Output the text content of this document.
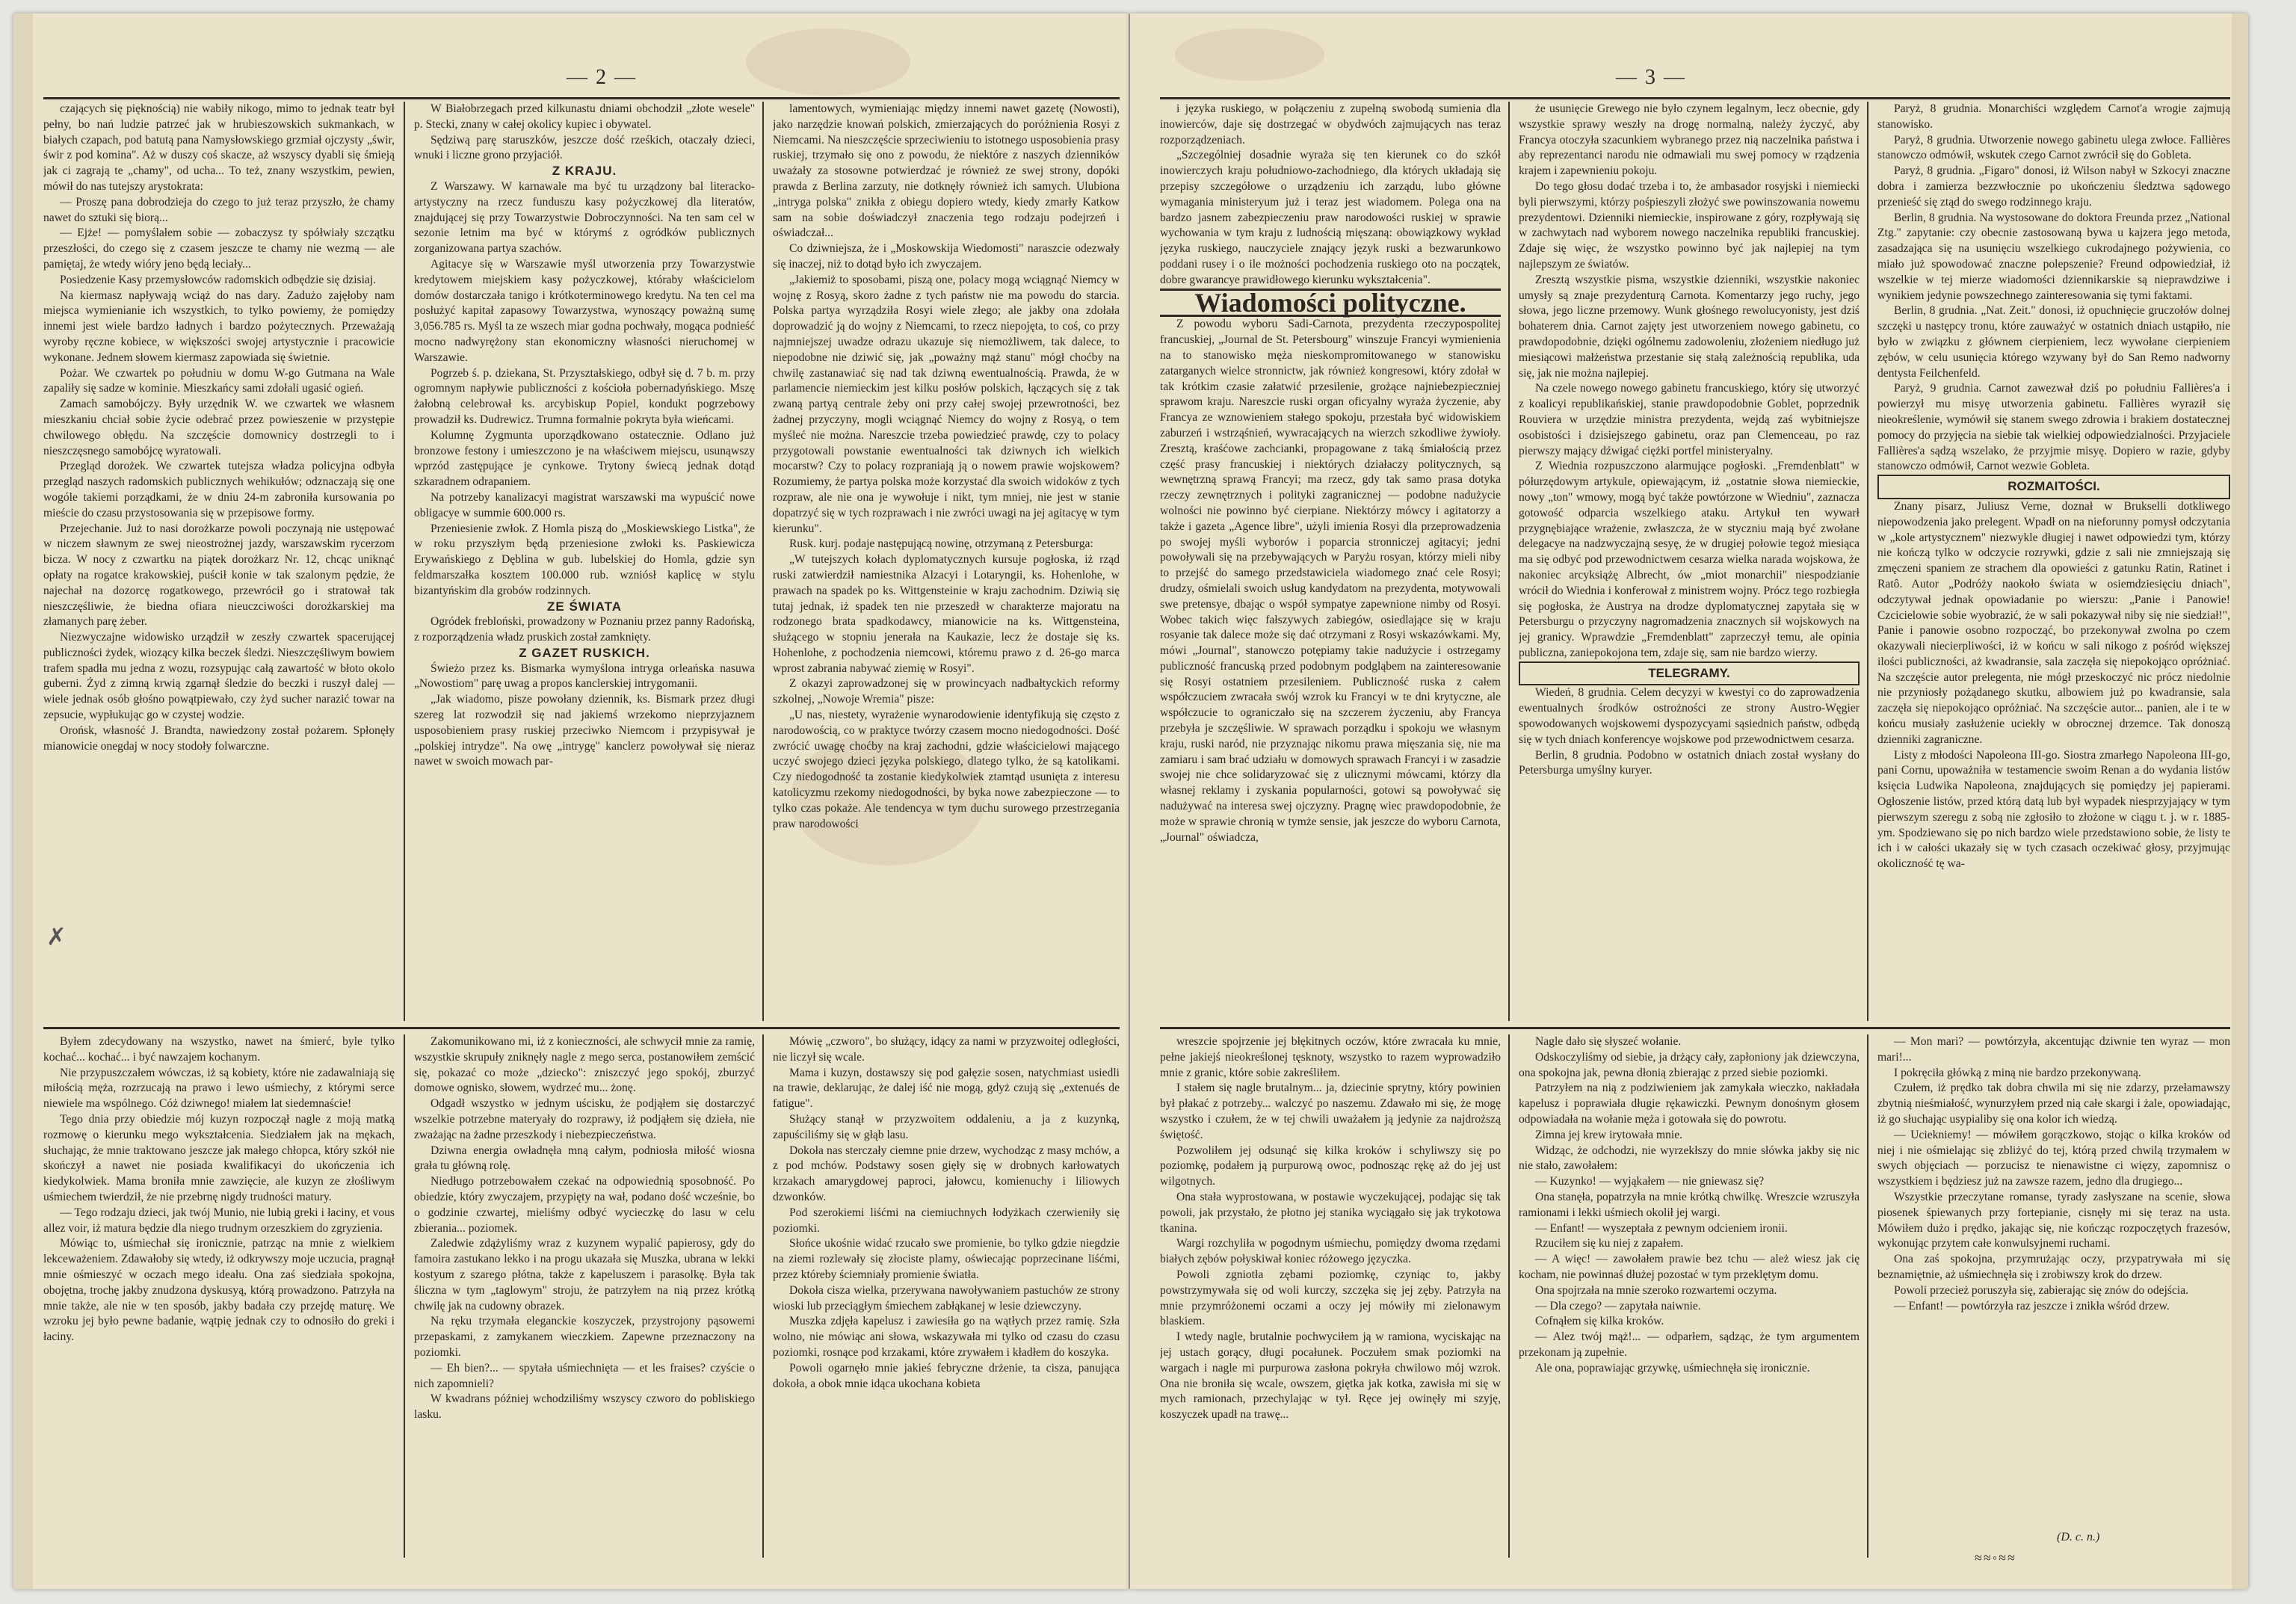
— 2 —

czających się pięknością) nie wabiły nikogo, mimo to jednak teatr był pełny, bo nań ludzie patrzeć jak w hrubieszowskich sukmankach, w białych czapach, pod batutą pana Namysłowskiego grzmiał ojczysty „świr, świr z pod komina". Aż w duszy coś skacze, aż wszyscy dyabli się śmieją jak ci zagrają te „chamy", od ucha... To też, znany wszystkim, pewien, mówił do nas tutejszy arystokrata:

— Proszę pana dobrodzieja do czego to już teraz przyszło, że chamy nawet do sztuki się biorą...

— Ejże! — pomyślałem sobie — zobaczysz ty spółwiały szczątku przeszłości, do czego się z czasem jeszcze te chamy nie wezmą — ale pamiętaj, że wtedy wióry jeno będą leciały...

Posiedzenie Kasy przemysłowców radomskich odbędzie się dzisiaj.

Na kiermasz napływają wciąż do nas dary. Zadużo zajęłoby nam miejsca wymienianie ich wszystkich, to tylko powiemy, że pomiędzy innemi jest wiele bardzo ładnych i bardzo pożytecznych. Przeważają wyroby ręczne kobiece, w większości swojej artystycznie i pracowicie wykonane. Jednem słowem kiermasz zapowiada się świetnie.

Pożar. We czwartek po południu w domu W-go Gutmana na Wale zapaliły się sadze w kominie. Mieszkańcy sami zdołali ugasić ogień.

Zamach samobójczy. Były urzędnik W. we czwartek we własnem mieszkaniu chciał sobie życie odebrać przez powieszenie w przystępie chwilowego obłędu. Na szczęście domownicy dostrzegli to i nieszczęsnego samobójcę wyratowali.

Przegląd dorożek. We czwartek tutejsza władza policyjna odbyła przegląd naszych radomskich publicznych wehikułów; odznaczają się one wogóle takiemi porządkami, że w dniu 24-m zabroniła kursowania po mieście do czasu przystosowania się w przepisowe formy.

Przejechanie. Już to nasi dorożkarze powoli poczynają nie ustępować w niczem sławnym ze swej nieostrożnej jazdy, warszawskim rycerzom bicza. W nocy z czwartku na piątek dorożkarz Nr. 12, chcąc uniknąć opłaty na rogatce krakowskiej, puścił konie w tak szalonym pędzie, że najechał na dozorcę rogatkowego, przewrócił go i stratował tak nieszczęśliwie, że biedna ofiara nieuczciwości dorożkarskiej ma złamanych parę żeber.

Niezwyczajne widowisko urządził w zeszły czwartek spacerującej publiczności żydek, wiozący kilka beczek śledzi. Nieszczęśliwym bowiem trafem spadła mu jedna z wozu, rozsypując całą zawartość w błoto okolo guberni. Żyd z zimną krwią zgarnął śledzie do beczki i ruszył dalej — wiele jednak osób głośno powątpiewało, czy żyd sucher narazić towar na zepsucie, wypłukując go w czystej wodzie.

Orońsk, własność J. Brandta, nawiedzony został pożarem. Spłonęły mianowicie onegdaj w nocy stodoły folwarczne.

W Białobrzegach przed kilkunastu dniami obchodził „złote wesele" p. Stecki, znany w całej okolicy kupiec i obywatel.

Sędziwą parę staruszków, jeszcze dość rześkich, otaczały dzieci, wnuki i liczne grono przyjaciół.

Z KRAJU.

Z Warszawy. W karnawale ma być tu urządzony bal literacko-artystyczny na rzecz funduszu kasy pożyczkowej dla literatów, znajdującej się przy Towarzystwie Dobroczynności. Na ten sam cel w sezonie letnim ma być w którymś z ogródków publicznych zorganizowana partya szachów.

Agitacye się w Warszawie myśl utworzenia przy Towarzystwie kredytowem miejskiem kasy pożyczkowej, któraby właścicielom domów dostarczała tanigo i krótkoterminowego kredytu. Na ten cel ma posłużyć kapitał zapasowy Towarzystwa, wynoszący poważną sumę 3,056.785 rs. Myśl ta ze wszech miar godna pochwały, mogąca podnieść mocno nadwyrężony stan ekonomiczny własności nieruchomej w Warszawie.

Pogrzeb ś. p. dziekana, St. Przyształskiego, odbył się d. 7 b. m. przy ogromnym napływie publiczności z kościoła pobernadyńskiego. Mszę żałobną celebrował ks. arcybiskup Popiel, kondukt pogrzebowy prowadził ks. Dudrewicz. Trumna formalnie pokryta była wieńcami.

Kolumnę Zygmunta uporządkowano ostatecznie. Odlano już bronzowe festony i umieszczono je na właściwem miejscu, usunąwszy wprzód zastępujące je cynkowe. Trytony świecą jednak dotąd szkaradnem odrapaniem.

Na potrzeby kanalizacyi magistrat warszawski ma wypuścić nowe obligacye w summie 600.000 rs.

Przeniesienie zwłok. Z Homla piszą do „Moskiewskiego Listka", że w roku przyszłym będą przeniesione zwłoki ks. Paskiewicza Erywańskiego z Dęblina w gub. lubelskiej do Homla, gdzie syn feldmarszałka kosztem 100.000 rub. wzniósł kaplicę w stylu bizantyńskim dla grobów rodzinnych.

ZE ŚWIATA

Ogródek frebloński, prowadzony w Poznaniu przez panny Radońską, z rozporządzenia władz pruskich został zamknięty.

Z GAZET RUSKICH.

Świeżo przez ks. Bismarka wymyślona intryga orleańska nasuwa „Nowostiom" parę uwag a propos kanclerskiej intrygomanii.

„Jak wiadomo, pisze powołany dziennik, ks. Bismark przez długi szereg lat rozwodził się nad jakiemś wrzekomo nieprzyjaznem usposobieniem prasy ruskiej przeciwko Niemcom i przypisywał je „polskiej intrydze". Na owę „intrygę" kanclerz powoływał się nieraz nawet w swoich mowach par-

lamentowych, wymieniając między innemi nawet gazetę (Nowosti), jako narzędzie knowań polskich, zmierzających do poróżnienia Rosyi z Niemcami. Na nieszczęście sprzeciwieniu to istotnego usposobienia prasy ruskiej, trzymało się ono z powodu, że niektóre z naszych dzienników uważały za stosowne potwierdzać je również ze swej strony, dopóki prawda z Berlina zarzuty, nie dotknęły również ich samych. Ulubiona „intryga polska" znikła z obiegu dopiero wtedy, kiedy zmarły Katkow sam na sobie doświadczył znaczenia tego rodzaju podejrzeń i oświadczał...

Co dziwniejsza, że i „Moskowskija Wiedomosti" naraszcie odezwały się inaczej, niż to dotąd było ich zwyczajem.

„Jakiemiż to sposobami, piszą one, polacy mogą wciągnąć Niemcy w wojnę z Rosyą, skoro żadne z tych państw nie ma powodu do starcia. Polska partya wyrządziła Rosyi wiele złego; ale jakby ona zdołała doprowadzić ją do wojny z Niemcami, to rzecz niepojęta, to coś, co przy najmniejszej uwadze odrazu ukazuje się niemożliwem, tak dalece, to niepodobne nie dziwić się, jak „poważny mąż stanu" mógł choćby na chwilę zastanawiać się nad tak dziwną ewentualnością. Prawda, że w parlamencie niemieckim jest kilku posłów polskich, łączących się z tak zwaną partyą centrale żeby oni przy całej swojej przewrotności, bez żadnej przyczyny, mogli wciągnąć Niemcy do wojny z Rosyą, o tem myśleć nie można. Nareszcie trzeba powiedzieć prawdę, czy to polacy przygotowali powstanie ewentualności tak dziwnych ich wielkich mocarstw? Czy to polacy rozpraniają ją o nowem prawie wojskowem? Rozumiemy, że partya polska może korzystać dla swoich widoków z tych rozpraw, ale nie ona je wywołuje i nikt, tym mniej, nie jest w stanie dopatrzyć się w tych rozprawach i nie zwróci uwagi na jej agitacyę w tym kierunku".

Rusk. kurj. podaje następującą nowinę, otrzymaną z Petersburga:

„W tutejszych kołach dyplomatycznych kursuje pogłoska, iż rząd ruski zatwierdził namiestnika Alzacyi i Lotaryngii, ks. Hohenlohe, w prawach na spadek po ks. Wittgensteinie w kraju zachodnim. Dziwią się tutaj jednak, iż spadek ten nie przeszedł w charakterze majoratu na rodzonego brata spadkodawcy, mianowicie na ks. Wittgensteina, służącego w stopniu jenerała na Kaukazie, lecz że dostaje się ks. Hohenlohe, z pochodzenia niemcowi, któremu prawo z d. 26-go marca wprost zabrania nabywać ziemię w Rosyi".

Z okazyi zaprowadzonej się w prowincyach nadbałtyckich reformy szkolnej, „Nowoje Wremia" pisze:

„U nas, niestety, wyrażenie wynarodowienie identyfikują się często z narodowością, co w praktyce twórzy czasem mocno niedogodności. Dość zwrócić uwagę choćby na kraj zachodni, gdzie właścicielowi mającego uczyć swojego dzieci języka polskiego, dlatego tylko, że są katolikami. Czy niedogodność ta zostanie kiedykolwiek ztamtąd usunięta z interesu katolicyzmu rzekomy niedogodności, by byka nowe zabezpieczone — to tylko czas pokaże. Ale tendencya w tym duchu surowego przestrzegania praw narodowości

Byłem zdecydowany na wszystko, nawet na śmierć, byle tylko kochać... kochać... i być nawzajem kochanym.

Nie przypuszczałem wówczas, iż są kobiety, które nie zadawalniają się miłością męża, rozrzucają na prawo i lewo uśmiechy, z którymi serce niewiele ma wspólnego. Cóż dziwnego! miałem lat siedemnaście!

Tego dnia przy obiedzie mój kuzyn rozpoczął nagle z moją matką rozmowę o kierunku mego wykształcenia. Siedziałem jak na mękach, słuchając, że mnie traktowano jeszcze jak małego chłopca, który szkół nie skończył a nawet nie posiada kwalifikacyi do ukończenia ich kiedykolwiek. Mama broniła mnie zawzięcie, ale kuzyn ze złośliwym uśmiechem twierdził, że nie przebrnę nigdy trudności matury.

— Tego rodzaju dzieci, jak twój Munio, nie lubią greki i łaciny, et vous allez voir, iż matura będzie dla niego trudnym orzeszkiem do zgryzienia.

Mówiąc to, uśmiechał się ironicznie, patrząc na mnie z wielkiem lekceważeniem. Zdawałoby się wtedy, iż odkrywszy moje uczucia, pragnął mnie ośmieszyć w oczach mego ideału. Ona zaś siedziała spokojna, obojętna, trochę jakby znudzona dyskusyą, którą prowadzono. Patrzyła na mnie także, ale nie w ten sposób, jakby badała czy przejdę maturę. We wzroku jej było pewne badanie, wątpię jednak czy to odnosiło do greki i łaciny.

Zakomunikowano mi, iż z konieczności, ale schwycił mnie za ramię, wszystkie skrupuły zniknęły nagle z mego serca, postanowiłem zemścić się, pokazać co może „dziecko": zniszczyć jego spokój, zburzyć domowe ognisko, słowem, wydrzeć mu... żonę.

Odgadł wszystko w jednym uścisku, że podjąłem się dostarczyć wszelkie potrzebne materyały do rozprawy, iż podjąłem się dzieła, nie zważając na żadne przeszkody i niebezpieczeństwa.

Dziwna energia owładnęła mną całym, podniosła miłość wiosna grała tu główną rolę.

Niedługo potrzebowałem czekać na odpowiednią sposobność. Po obiedzie, który zwyczajem, przypięty na wał, podano dość wcześnie, bo o godzinie czwartej, mieliśmy odbyć wycieczkę do lasu w celu zbierania... poziomek.

Zaledwie zdążyliśmy wraz z kuzynem wypalić papierosy, gdy do famoira zastukano lekko i na progu ukazała się Muszka, ubrana w lekki kostyum z szarego płótna, także z kapeluszem i parasolkę. Była tak śliczna w tym „taglowym" stroju, że patrzyłem na nią przez krótką chwilę jak na cudowny obrazek.

Na ręku trzymała eleganckie koszyczek, przystrojony pąsowemi przepaskami, z zamykanem wieczkiem. Zapewne przeznaczony na poziomki.

— Eh bien?... — spytała uśmiechnięta — et les fraises? czyście o nich zapomnieli?

W kwadrans później wchodziliśmy wszyscy czworo do pobliskiego lasku.

Mówię „czworo", bo służący, idący za nami w przyzwoitej odległości, nie liczył się wcale.

Mama i kuzyn, dostawszy się pod gałęzie sosen, natychmiast usiedli na trawie, deklarując, że dalej iść nie mogą, gdyż czują się „extenués de fatigue".

Służący stanął w przyzwoitem oddaleniu, a ja z kuzynką, zapuściliśmy się w głąb lasu.

Dokoła nas sterczały ciemne pnie drzew, wychodząc z masy mchów, a z pod mchów. Podstawy sosen gięły się w drobnych karłowatych krzakach amarygdowej paproci, jałowcu, komienuchy i liliowych dzwonków.

Pod szerokiemi liśćmi na ciemiuchnych łodyżkach czerwieniły się poziomki.

Słońce ukośnie widać rzucało swe promienie, bo tylko gdzie niegdzie na ziemi rozlewały się złociste plamy, oświecając poprzecinane liśćmi, przez któreby ściemniały promienie światła.

Dokoła cisza wielka, przerywana nawoływaniem pastuchów ze strony wioski lub przeciągłym śmiechem zabłąkanej w lesie dziewczyny.

Muszka zdjęła kapelusz i zawiesiła go na wątłych przez ramię. Szła wolno, nie mówiąc ani słowa, wskazywała mi tylko od czasu do czasu poziomki, rosnące pod krzakami, które zrywałem i kładłem do koszyka.

Powoli ogarnęło mnie jakieś febryczne drżenie, ta cisza, panująca dokoła, a obok mnie idąca ukochana kobieta

✗
— 3 —

i języka ruskiego, w połączeniu z zupełną swobodą sumienia dla inowierców, daje się dostrzegać w obydwóch zajmujących nas teraz rozporządzeniach.

„Szczególniej dosadnie wyraża się ten kierunek co do szkół inowierczych kraju południowo-zachodniego, dla których układają się przepisy szczegółowe o urządzeniu ich zarządu, lubo główne wymagania ministeryum już i teraz jest wiadomem. Polega ona na bardzo jasnem zabezpieczeniu praw narodowości ruskiej w sprawie wychowania w tym kraju z ludnością mięszaną: obowiązkowy wykład języka ruskiego, nauczyciele znający język ruski a bezwarunkowo poddani rusey i o ile możności pochodzenia ruskiego oto na początek, dobre gwarancye prawidłowego kierunku wykształcenia".

Wiadomości polityczne.

Z powodu wyboru Sadi-Carnota, prezydenta rzeczypospolitej francuskiej, „Journal de St. Petersbourg" winszuje Francyi wymienienia na to stanowisko męża nieskompromitowanego w stanowisku zatarganych wielce stronnictw, jak również kongresowi, który zdołał w tak krótkim czasie załatwić przesilenie, grożące najniebezpieczniej sprawom kraju. Nareszcie ruski organ oficyalny wyraża życzenie, aby Francya ze wznowieniem stałego spokoju, przestała być widowiskiem zaburzeń i wstrząśnień, wywracających na wierzch szkodliwe żywioły. Zresztą, kraśćowe zachcianki, propagowane z taką śmiałością przez część prasy francuskiej i niektórych działaczy politycznych, są wewnętrzną sprawą Francyi; ma rzecz, gdy tak samo prasa dotyka rzeczy zewnętrznych i polityki zagranicznej — podobne nadużycie wolności nie powinno być cierpiane. Niektórzy mówcy i agitatorzy a także i gazeta „Agence libre", użyli imienia Rosyi dla przeprowadzenia po swojej myśli wyborów i poparcia stronniczej agitacyi; jedni powoływali się na przebywających w Paryżu rosyan, którzy mieli niby to przejść do samego przedstawiciela wiadomego znać cele Rosyi; drudzy, ośmielali swoich usług kandydatom na prezydenta, motywowali swe pretensye, dbając o współ sympatye zapewnione nimby od Rosyi. Wobec takich więc fałszywych zabiegów, osiedlające się w kraju rosyanie tak dalece może się dać otrzymani z Rosyi wskazówkami. My, mówi „Journal", stanowczo potępiamy takie nadużycie i ostrzegamy publiczność francuską przed podobnym podgląbem na zainteresowanie się Rosyi ostatniem przesileniem. Publiczność ruska z całem współczuciem zwracała swój wzrok ku Francyi w te dni krytyczne, ale współczucie to ograniczało się na szczerem życzeniu, aby Francya przebyła je szczęśliwie. W sprawach porządku i spokoju we własnym kraju, ruski naród, nie przyznając nikomu prawa mięszania się, nie ma zamiaru i sam brać udziału w domowych sprawach Francyi i w zasadzie swojej nie chce solidaryzować się z ulicznymi mówcami, którzy dla własnej reklamy i zyskania popularności, gotowi są powoływać się nadużywać na interesa swej ojczyzny. Pragnę wiec prawdopodobnie, że może w sprawie chronią w tymże sensie, jak jeszcze do wyboru Carnota, „Journal" oświadcza,

że usunięcie Grewego nie było czynem legalnym, lecz obecnie, gdy wszystkie sprawy weszły na drogę normalną, należy życzyć, aby Francya otoczyła szacunkiem wybranego przez nią naczelnika państwa i aby reprezentanci narodu nie odmawiali mu swej pomocy w rządzenia krajem i zapewnieniu pokoju.

Do tego głosu dodać trzeba i to, że ambasador rosyjski i niemiecki byli pierwszymi, którzy pośpieszyli złożyć swe powinszowania nowemu prezydentowi. Dzienniki niemieckie, inspirowane z góry, rozpływają się w zachwytach nad wyborem nowego naczelnika republiki francuskiej. Zdaje się więc, że wszystko powinno być jak najlepiej na tym najlepszym ze światów.

Zresztą wszystkie pisma, wszystkie dzienniki, wszystkie nakoniec umysły są znaje prezydenturą Carnota. Komentarzy jego ruchy, jego słowa, jego liczne przemowy. Wunk głośnego rewolucyonisty, jest dziś bohaterem dnia. Carnot zajęty jest utworzeniem nowego gabinetu, co prawdopodobnie, dzięki ogólnemu zadowoleniu, złożeniem niedługo już miesiącowi małżeństwa przestanie się stałą zależnością republika, uda się, jak nie można najlepiej.

Na czele nowego nowego gabinetu francuskiego, który się utworzyć z koalicyi republikańskiej, stanie prawdopodobnie Goblet, poprzednik Rouviera w urzędzie ministra prezydenta, wejdą zaś wybitniejsze osobistości i dzisiejszego gabinetu, oraz pan Clemenceau, po raz pierwszy mający dźwigać ciężki portfel ministeryalny.

Z Wiednia rozpuszczono alarmujące pogłoski. „Fremdenblatt" w półurzędowym artykule, opiewającym, iż „ostatnie słowa niemieckie, nowy „ton" wmowy, mogą być także powtórzone w Wiedniu", zaznacza gotowość odparcia wszelkiego ataku. Artykuł ten wywarł przygnębiające wrażenie, zwłaszcza, że w styczniu mają być zwołane delegacye na nadzwyczajną sesyę, że w drugiej połowie tegoż miesiąca ma się odbyć pod przewodnictwem cesarza wielka narada wojskowa, że nakoniec arcyksiążę Albrecht, ów „miot monarchii" niespodzianie wrócił do Wiednia i konferował z ministrem wojny. Prócz tego rozbiegła się pogłoska, że Austrya na drodze dyplomatycznej zapytała się w Petersburgu o przyczyny nagromadzenia znacznych sił wojskowych na jej granicy. Wprawdzie „Fremdenblatt" zaprzeczył temu, ale opinia publiczna, zaniepokojona tem, zdaje się, sam nie bardzo wierzy.

TELEGRAMY.

Wiedeń, 8 grudnia. Celem decyzyi w kwestyi co do zaprowadzenia ewentualnych środków ostrożności ze strony Austro-Węgier spowodowanych wojskowemi dyspozycyami sąsiednich państw, odbędą się w tych dniach konferencye wojskowe pod przewodnictwem cesarza.

Berlin, 8 grudnia. Podobno w ostatnich dniach został wysłany do Petersburga umyślny kuryer.

Paryż, 8 grudnia. Monarchiści względem Carnot'a wrogie zajmują stanowisko.

Paryż, 8 grudnia. Utworzenie nowego gabinetu ulega zwłoce. Fallières stanowczo odmówił, wskutek czego Carnot zwrócił się do Gobleta.

Paryż, 8 grudnia. „Figaro" donosi, iż Wilson nabył w Szkocyi znaczne dobra i zamierza bezzwłocznie po ukończeniu śledztwa sądowego przenieść się ztąd do swego rodzinnego kraju.

Berlin, 8 grudnia. Na wystosowane do doktora Freunda przez „National Ztg." zapytanie: czy obecnie zastosowaną bywa u kajzera jego metoda, zasadzająca się na usunięciu wszelkiego cukrodajnego pożywienia, co miało już spowodować znaczne polepszenie? Freund odpowiedział, iż wszelkie w tej mierze wiadomości dziennikarskie są nieprawdziwe i wynikiem jedynie powszechnego zainteresowania się tymi faktami.

Berlin, 8 grudnia. „Nat. Zeit." donosi, iż opuchnięcie gruczołów dolnej szczęki u następcy tronu, które zauważyć w ostatnich dniach ustąpiło, nie było w związku z głównem cierpieniem, lecz wywołane cierpieniem zębów, w celu usunięcia którego wzywany był do San Remo nadworny dentysta Feilchenfeld.

Paryż, 9 grudnia. Carnot zawezwał dziś po południu Fallières'a i powierzył mu misyę utworzenia gabinetu. Fallières wyraził się nieokreślenie, wymówił się stanem swego zdrowia i brakiem dostatecznej pomocy do przyjęcia na siebie tak wielkiej odpowiedzialności. Przyjaciele Fallières'a sądzą wszelako, że przyjmie misyę. Dopiero w razie, gdyby stanowczo odmówił, Carnot wezwie Gobleta.

ROZMAITOŚCI.

Znany pisarz, Juliusz Verne, doznał w Brukselli dotkliwego niepowodzenia jako prelegent. Wpadł on na nieforunny pomysł odczytania w „kole artystycznem" niezwykle długiej i nawet odpowiedzi tym, którzy nie kończą tylko w odczycie rozrywki, gdzie z sali nie zmniejszają się zmęczeni spaniem ze strachem dla opowieści z gatunku Ratin, Ratinet i Ratô. Autor „Podróży naokoło świata w osiemdziesięciu dniach", odczytywał jednak opowiadanie po wierszu: „Panie i Panowie! Czcicielowie sobie wyobrazić, że w sali pokazywał niby się nie siedział!", Panie i panowie osobno rozpocząć, bo przekonywał zwolna po czem okazywali niecierpliwości, iż w końcu w sali nikogo z pośród większej ilości publiczności, aż kwadransie, sala zaczęła się niepokojąco opróżniać. Na szczęście autor prelegenta, nie mógł przeskoczyć nic prócz niedolnie nie przyniosły pożądanego skutku, albowiem już po kwadransie, sala zaczęła się niepokojąco opróżniać. Na szczęście autor... panien, ale i te w końcu musiały zasłużenie uciekły w obrocznej drzemce. Tak donoszą dzienniki zagraniczne.

Listy z młodości Napoleona III-go. Siostra zmarłego Napoleona III-go, pani Cornu, upoważniła w testamencie swoim Renan a do wydania listów księcia Ludwika Napoleona, znajdujących się pomiędzy jej papierami. Ogłoszenie listów, przed którą datą lub był wypadek niesprzyjający w tym pierwszym szeregu z sobą nie zgłosiło to złożone w ciągu t. j. w r. 1885-ym. Spodziewano się po nich bardzo wiele przedstawiono sobie, że listy te ich i w całości ukazały się w tych czasach oczekiwać głosy, przyjmując okoliczność tę wa-

wreszcie spojrzenie jej błękitnych oczów, które zwracała ku mnie, pełne jakiejś nieokreślonej tęsknoty, wszystko to razem wyprowadziło mnie z granic, które sobie zakreśliłem.

I stałem się nagle brutalnym... ja, dziecinie sprytny, który powinien był płakać z potrzeby... walczyć po naszemu. Zdawało mi się, że mogę wszystko i czułem, że w tej chwili uważałem ją jedynie za najdroższą świętość.

Pozwoliłem jej odsunąć się kilka kroków i schyliwszy się po poziomkę, podałem ją purpurową owoc, podnosząc rękę aż do jej ust wilgotnych.

Ona stała wyprostowana, w postawie wyczekującej, podając się tak powoli, jak przystało, że płotno jej stanika wyciągało się jak trykotowa tkanina.

Wargi rozchyliła w pogodnym uśmiechu, pomiędzy dwoma rzędami białych zębów połyskiwał koniec różowego języczka.

Powoli zgniotła zębami poziomkę, czyniąc to, jakby powstrzymywała się od woli kurczy, szczęka się jej zęby. Patrzyła na mnie przymróżonemi oczami a oczy jej mówiły mi zielonawym blaskiem.

I wtedy nagle, brutalnie pochwyciłem ją w ramiona, wyciskając na jej ustach gorący, długi pocałunek. Poczułem smak poziomki na wargach i nagle mi purpurowa zasłona pokryła chwilowo mój wzrok. Ona nie broniła się wcale, owszem, giętka jak kotka, zawisła mi się w mych ramionach, przechylając w tył. Ręce jej owinęły mi szyję, koszyczek upadł na trawę...

Nagle dało się słyszeć wołanie.

Odskoczyliśmy od siebie, ja drżący cały, zapłoniony jak dziewczyna, ona spokojna jak, pewna dłonią zbierając z przed siebie poziomki.

Patrzyłem na nią z podziwieniem jak zamykała wieczko, nakładała kapelusz i poprawiała długie rękawiczki. Pewnym donośnym głosem odpowiadała na wołanie męża i gotowała się do powrotu.

Zimna jej krew irytowała mnie.

Widząc, że odchodzi, nie wyrzekłszy do mnie słówka jakby się nic nie stało, zawołałem:

— Kuzynko! — wyjąkałem — nie gniewasz się?

Ona stanęła, popatrzyła na mnie krótką chwilkę. Wreszcie wzruszyła ramionami i lekki uśmiech okolił jej wargi.

— Enfant! — wyszeptała z pewnym odcieniem ironii.

Rzuciłem się ku niej z zapałem.

— A więc! — zawołałem prawie bez tchu — ależ wiesz jak cię kocham, nie powinnaś dłużej pozostać w tym przeklętym domu.

Ona spojrzała na mnie szeroko rozwartemi oczyma.

— Dla czego? — zapytała naiwnie.

Cofnąłem się kilka kroków.

— Alez twój mąż!... — odparłem, sądząc, że tym argumentem przekonam ją zupełnie.

Ale ona, poprawiając grzywkę, uśmiechnęła się ironicznie.

— Mon mari? — powtórzyła, akcentując dziwnie ten wyraz — mon mari!...

I pokręciła główką z miną nie bardzo przekonywaną.

Czułem, iż prędko tak dobra chwila mi się nie zdarzy, przełamawszy zbytnią nieśmiałość, wynurzyłem przed nią całe skargi i żale, opowiadając, iż go słuchając usypialiby się ona kolor ich wiedzą.

— Uciekniemy! — mówiłem gorączkowo, stojąc o kilka kroków od niej i nie ośmielając się zbliżyć do tej, którą przed chwilą trzymałem w swych objęciach — porzucisz te nienawistne ci więzy, zapomnisz o wszystkiem i będziesz już na zawsze razem, jedno dla drugiego...

Wszystkie przeczytane romanse, tyrady zasłyszane na scenie, słowa piosenek śpiewanych przy fortepianie, cisnęły mi się teraz na usta. Mówiłem dużo i prędko, jakając się, nie kończąc rozpoczętych frazesów, wykonując przytem całe konwulsyjnemi ruchami.

Ona zaś spokojna, przymrużając oczy, przypatrywała mi się beznamiętnie, aż uśmiechnęła się i zrobiwszy krok do drzew.

Powoli przecież poruszyła się, zabierając się znów do odejścia.

— Enfant! — powtórzyła raz jeszcze i znikła wśród drzew.

(D. c. n.)
≈≈◦≈≈
